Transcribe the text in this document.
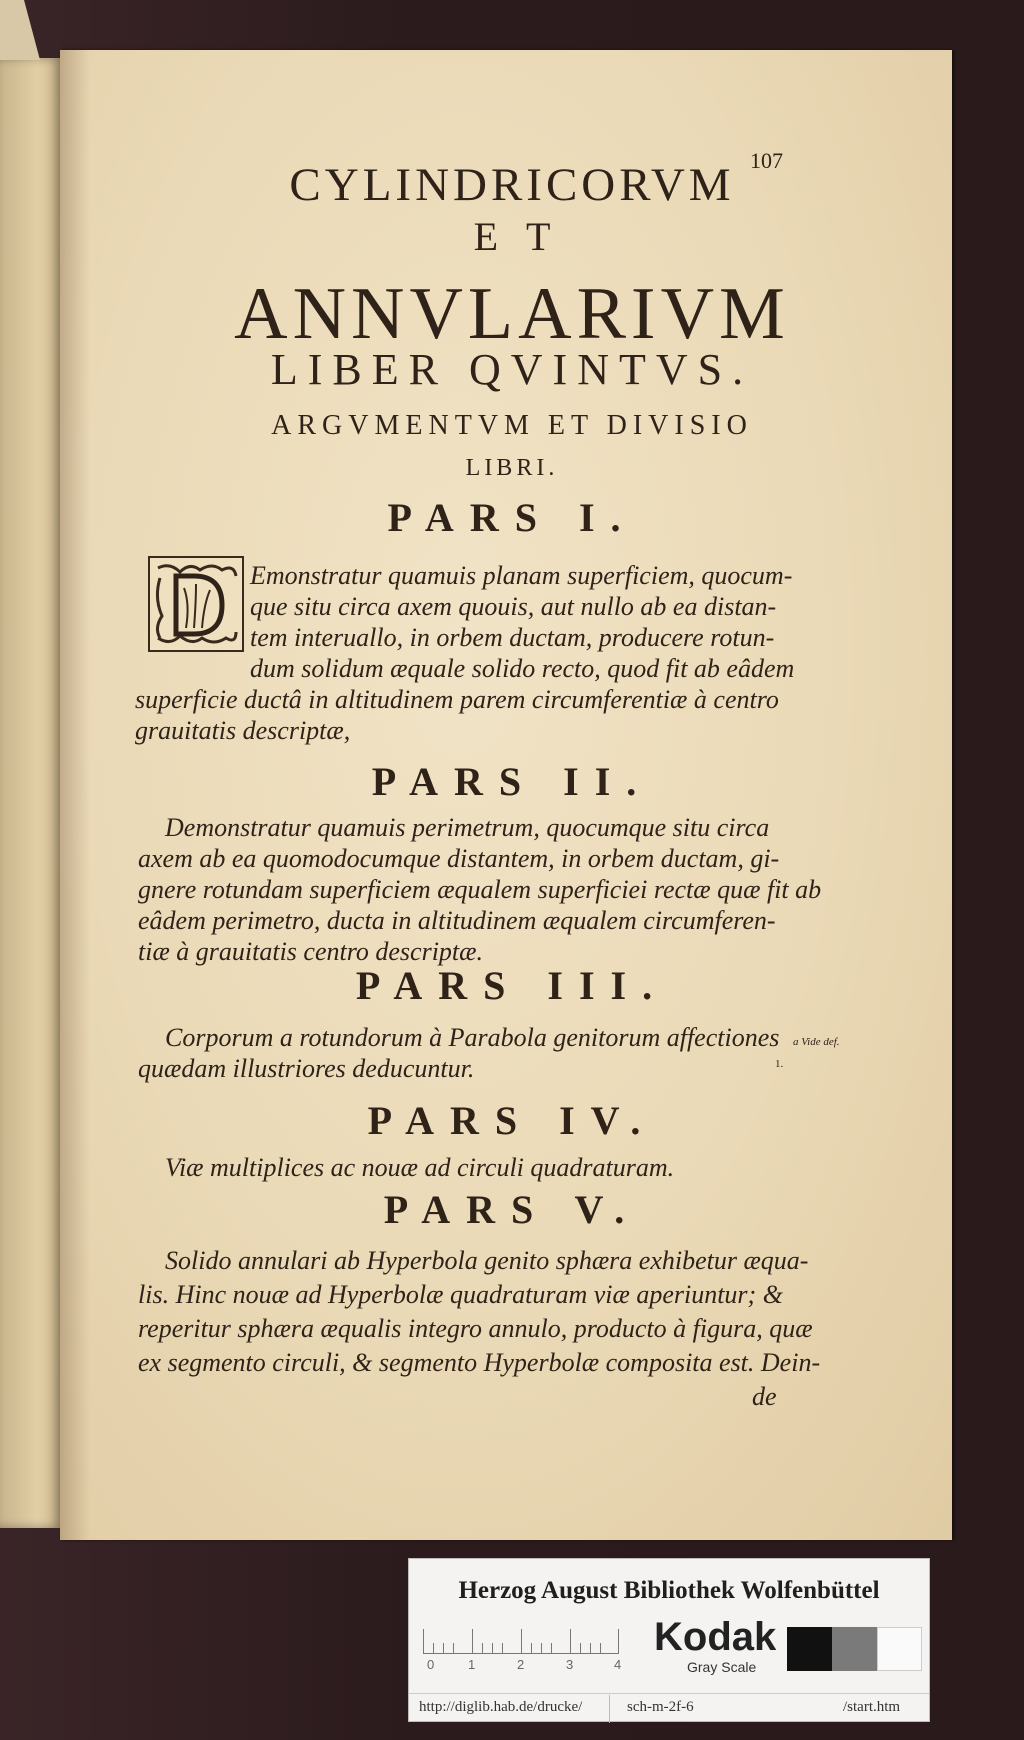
CYLINDRICORVM 107
ET
ANNVLARIVM
LIBER QVINTVS.
ARGVMENTVM ET DIVISIO
LIBRI.
PARS I.
Emonstratur quamuis planam superficiem, quocum-
que situ circa axem quouis, aut nullo ab ea distan-
tem interuallo, in orbem ductam, producere rotun-
dum solidum æquale solido recto, quod fit ab eâdem
superficie ductâ in altitudinem parem circumferentiæ à centro
grauitatis descriptæ,
PARS II.
Demonstratur quamuis perimetrum, quocumque situ circa
axem ab ea quomodocumque distantem, in orbem ductam, gi-
gnere rotundam superficiem æqualem superficiei rectæ quæ fit ab
eâdem perimetro, ducta in altitudinem æqualem circumferen-
tiæ à grauitatis centro descriptæ.
PARS III.
Corporum a rotundorum à Parabola genitorum affectiones
quædam illustriores deducuntur.
a Vide def.
1.
PARS IV.
Viæ multiplices ac nouæ ad circuli quadraturam.
PARS V.
Solido annulari ab Hyperbola genito sphæra exhibetur æqua-
lis. Hinc nouæ ad Hyperbolæ quadraturam viæ aperiuntur; &
reperitur sphæra æqualis integro annulo, producto à figura, quæ
ex segmento circuli, & segmento Hyperbolæ composita est. Dein-
de
Herzog August Bibliothek Wolfenbüttel
0	1	2	3	4
Kodak
Gray Scale
http://diglib.hab.de/drucke/	sch-m-2f-6	/start.htm
